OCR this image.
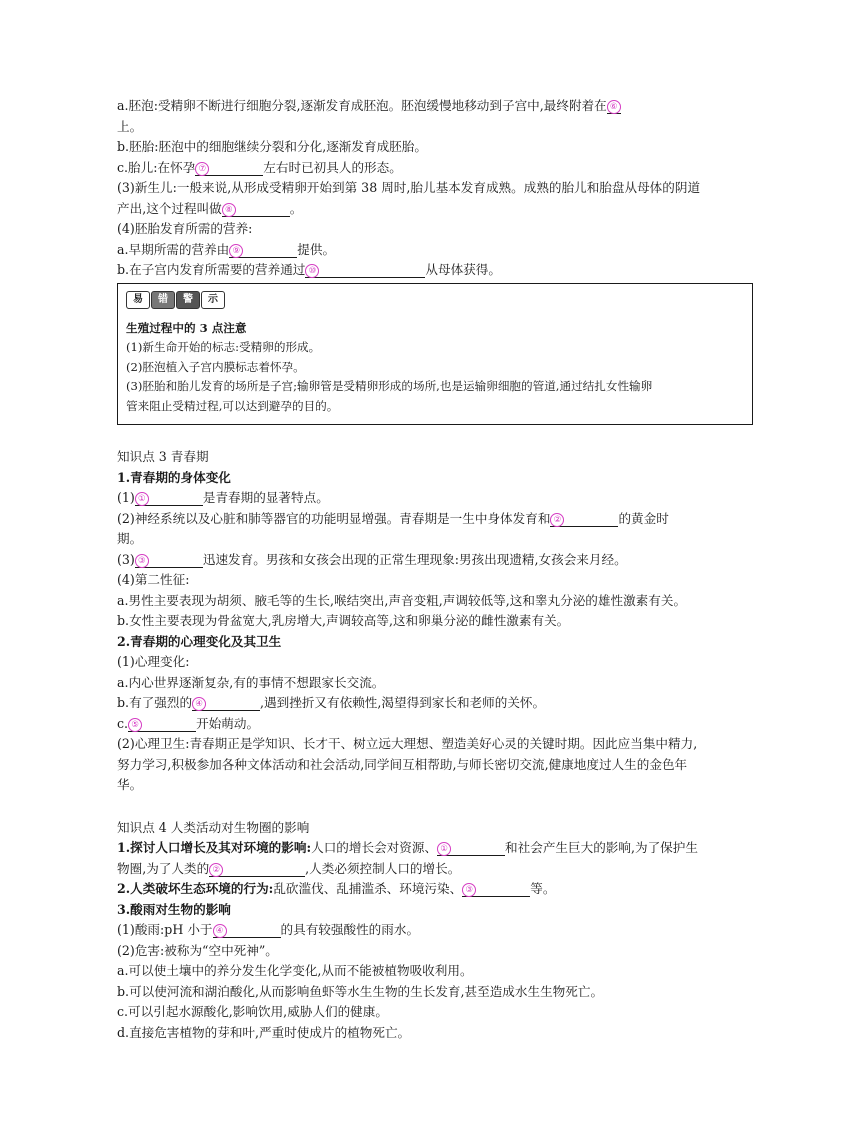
a.胚泡:受精卵不断进行细胞分裂,逐渐发育成胚泡。胚泡缓慢地移动到子宫中,最终附着在 ⑥

上。

b.胚胎:胚泡中的细胞继续分裂和分化,逐渐发育成胚胎。

c.胎儿:在怀孕 ⑦	左右时已初具人的形态。

(3)新生儿:一般来说,从形成受精卵开始到第 38 周时,胎儿基本发育成熟。成熟的胎儿和胎盘从母体的阴道

产出,这个过程叫做 ⑧	。

(4)胚胎发育所需的营养:

a.早期所需的营养由 ⑨	提供。

b.在子宫内发育所需要的营养通过 ⑩	从母体获得。

易	错	警	示

生殖过程中的 3 点注意

(1)新生命开始的标志:受精卵的形成。

(2)胚泡植入子宫内膜标志着怀孕。

(3)胚胎和胎儿发育的场所是子宫;输卵管是受精卵形成的场所,也是运输卵细胞的管道,通过结扎女性输卵

管来阻止受精过程,可以达到避孕的目的。

知识点 3 青春期

1.青春期的身体变化

(1) ①	是青春期的显著特点。

(2)神经系统以及心脏和肺等器官的功能明显增强。青春期是一生中身体发育和 ②	的黄金时

期。

(3) ③	迅速发育。男孩和女孩会出现的正常生理现象:男孩出现遗精,女孩会来月经。

(4)第二性征:

a.男性主要表现为胡须、腋毛等的生长,喉结突出,声音变粗,声调较低等,这和睾丸分泌的雄性激素有关。

b.女性主要表现为骨盆宽大,乳房增大,声调较高等,这和卵巢分泌的雌性激素有关。

2.青春期的心理变化及其卫生

(1)心理变化:

a.内心世界逐渐复杂,有的事情不想跟家长交流。

b.有了强烈的 ④	,遇到挫折又有依赖性,渴望得到家长和老师的关怀。

c. ⑤	开始萌动。

(2)心理卫生:青春期正是学知识、长才干、树立远大理想、塑造美好心灵的关键时期。因此应当集中精力,

努力学习,积极参加各种文体活动和社会活动,同学间互相帮助,与师长密切交流,健康地度过人生的金色年

华。

知识点 4 人类活动对生物圈的影响

1.探讨人口增长及其对环境的影响:人口的增长会对资源、 ①	和社会产生巨大的影响,为了保护生

物圈,为了人类的 ②	,人类必须控制人口的增长。

2.人类破坏生态环境的行为:乱砍滥伐、乱捕滥杀、环境污染、 ③	等。

3.酸雨对生物的影响

(1)酸雨:pH 小于 ④	的具有较强酸性的雨水。

(2)危害:被称为“空中死神”。

a.可以使土壤中的养分发生化学变化,从而不能被植物吸收利用。

b.可以使河流和湖泊酸化,从而影响鱼虾等水生生物的生长发育,甚至造成水生生物死亡。

c.可以引起水源酸化,影响饮用,威胁人们的健康。

d.直接危害植物的芽和叶,严重时使成片的植物死亡。
